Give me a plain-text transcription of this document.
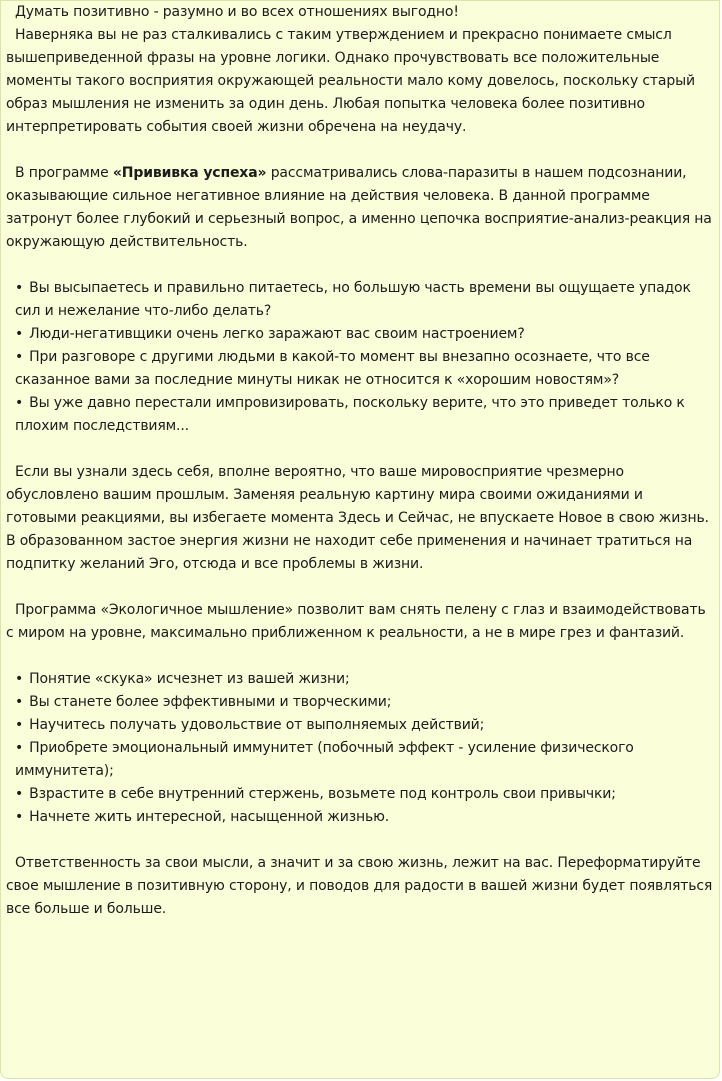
Думать позитивно - разумно и во всех отношениях выгодно!
Наверняка вы не раз сталкивались с таким утверждением и прекрасно понимаете смысл вышеприведенной фразы на уровне логики. Однако прочувствовать все положительные моменты такого восприятия окружающей реальности мало кому довелось, поскольку старый образ мышления не изменить за один день. Любая попытка человека более позитивно интерпретировать события своей жизни обречена на неудачу.
В программе «Прививка успеха» рассматривались слова-паразиты в нашем подсознании, оказывающие сильное негативное влияние на действия человека. В данной программе затронут более глубокий и серьезный вопрос, а именно цепочка восприятие-анализ-реакция на окружающую действительность.
• Вы высыпаетесь и правильно питаетесь, но большую часть времени вы ощущаете упадок сил и нежелание что-либо делать?
• Люди-негативщики очень легко заражают вас своим настроением?
• При разговоре с другими людьми в какой-то момент вы внезапно осознаете, что все сказанное вами за последние минуты никак не относится к «хорошим новостям»?
• Вы уже давно перестали импровизировать, поскольку верите, что это приведет только к плохим последствиям...
Если вы узнали здесь себя, вполне вероятно, что ваше мировосприятие чрезмерно обусловлено вашим прошлым. Заменяя реальную картину мира своими ожиданиями и готовыми реакциями, вы избегаете момента Здесь и Сейчас, не впускаете Новое в свою жизнь. В образованном застое энергия жизни не находит себе применения и начинает тратиться на подпитку желаний Эго, отсюда и все проблемы в жизни.
Программа «Экологичное мышление» позволит вам снять пелену с глаз и взаимодействовать с миром на уровне, максимально приближенном к реальности, а не в мире грез и фантазий.
• Понятие «скука» исчезнет из вашей жизни;
• Вы станете более эффективными и творческими;
• Научитесь получать удовольствие от выполняемых действий;
• Приобрете эмоциональный иммунитет (побочный эффект - усиление физического иммунитета);
• Взрастите в себе внутренний стержень, возьмете под контроль свои привычки;
• Начнете жить интересной, насыщенной жизнью.
Ответственность за свои мысли, а значит и за свою жизнь, лежит на вас. Переформатируйте свое мышление в позитивную сторону, и поводов для радости в вашей жизни будет появляться все больше и больше.
